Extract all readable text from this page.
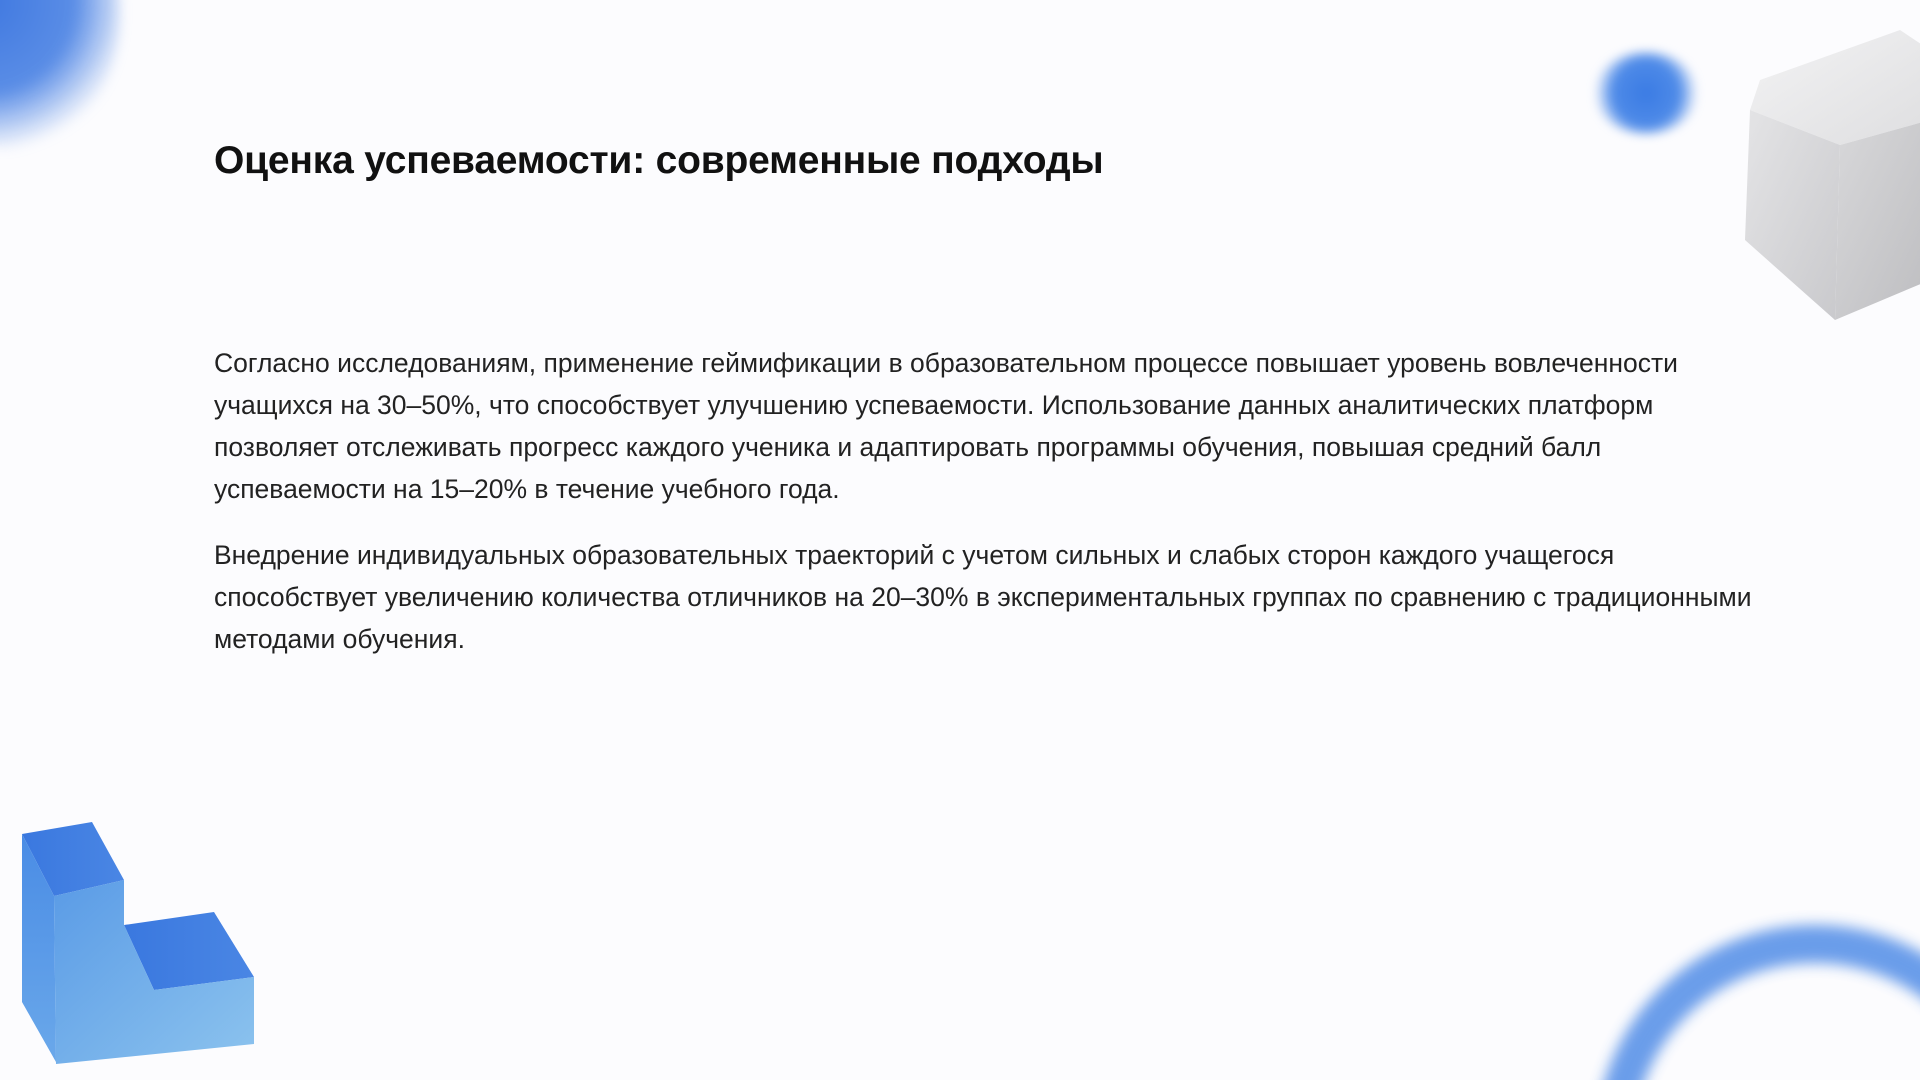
Оценка успеваемости: современные подходы

Согласно исследованиям, применение геймификации в образовательном процессе повышает уровень вовлеченности учащихся на 30–50%, что способствует улучшению успеваемости. Использование данных аналитических платформ позволяет отслеживать прогресс каждого ученика и адаптировать программы обучения, повышая средний балл успеваемости на 15–20% в течение учебного года.

Внедрение индивидуальных образовательных траекторий с учетом сильных и слабых сторон каждого учащегося способствует увеличению количества отличников на 20–30% в экспериментальных группах по сравнению с традиционными методами обучения.
